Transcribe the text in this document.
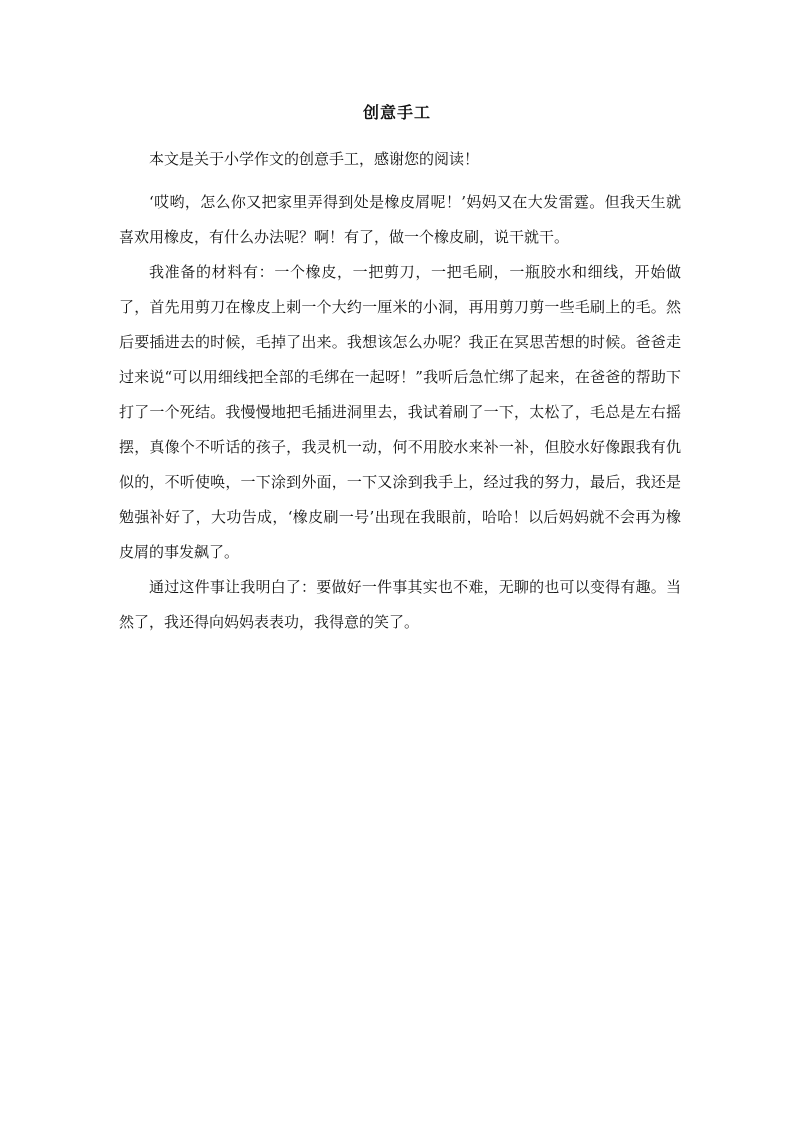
创意手工

本文是关于小学作文的创意手工，感谢您的阅读！

‘哎哟，怎么你又把家里弄得到处是橡皮屑呢！’妈妈又在大发雷霆。但我天生就喜欢用橡皮，有什么办法呢？啊！有了，做一个橡皮刷，说干就干。

我准备的材料有：一个橡皮，一把剪刀，一把毛刷，一瓶胶水和细线，开始做了，首先用剪刀在橡皮上刺一个大约一厘米的小洞，再用剪刀剪一些毛刷上的毛。然后要插进去的时候，毛掉了出来。我想该怎么办呢？我正在冥思苦想的时候。爸爸走过来说“可以用细线把全部的毛绑在一起呀！”我听后急忙绑了起来，在爸爸的帮助下打了一个死结。我慢慢地把毛插进洞里去，我试着刷了一下，太松了，毛总是左右摇摆，真像个不听话的孩子，我灵机一动，何不用胶水来补一补，但胶水好像跟我有仇似的，不听使唤，一下涂到外面，一下又涂到我手上，经过我的努力，最后，我还是勉强补好了，大功告成，‘橡皮刷一号’出现在我眼前，哈哈！以后妈妈就不会再为橡皮屑的事发飙了。

通过这件事让我明白了：要做好一件事其实也不难，无聊的也可以变得有趣。当然了，我还得向妈妈表表功，我得意的笑了。
